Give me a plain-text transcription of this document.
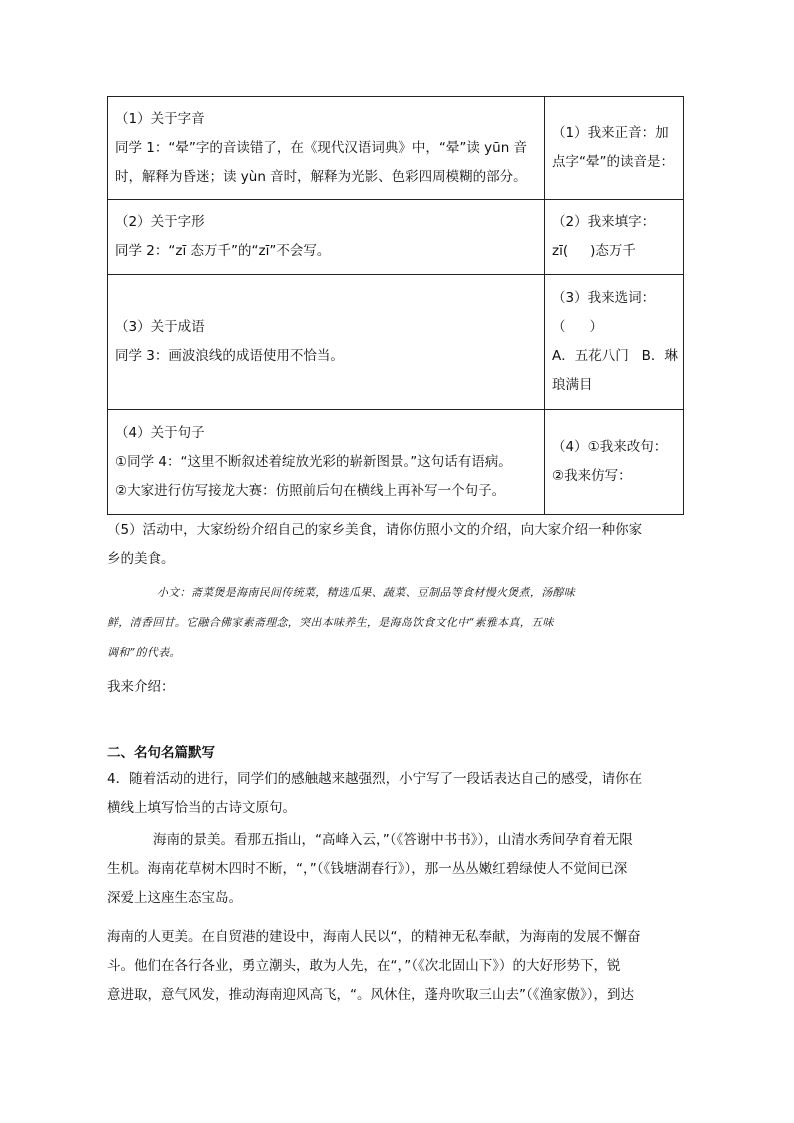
（1）关于字音
同学 1：“晕”字的音读错了，在《现代汉语词典》中，“晕”读 yūn 音
时，解释为昏迷；读 yùn 音时，解释为光影、色彩四周模糊的部分。	（1）我来正音：加
点字“晕”的读音是：

（2）关于字形
同学 2：“zī 态万千”的“zī”不会写。	（2）我来填字：
zī( )态万千

（3）关于成语
同学 3：画波浪线的成语使用不恰当。	（3）我来选词：
（ ）
A．五花八门 B．琳
琅满目

（4）关于句子
①同学 4：“这里不断叙述着绽放光彩的崭新图景。”这句话有语病。
②大家进行仿写接龙大赛：仿照前后句在横线上再补写一个句子。	（4）①我来改句：
②我来仿写：
（5）活动中，大家纷纷介绍自己的家乡美食，请你仿照小文的介绍，向大家介绍一种你家
乡的美食。
小文：斋菜煲是海南民间传统菜，精选瓜果、蔬菜、豆制品等食材慢火煲煮，汤醇味
鲜，清香回甘。它融合佛家素斋理念，突出本味养生，是海岛饮食文化中“素雅本真，五味
调和”的代表。
我来介绍：
二、名句名篇默写
4．随着活动的进行，同学们的感触越来越强烈，小宁写了一段话表达自己的感受，请你在
横线上填写恰当的古诗文原句。
海南的景美。看那五指山，“高峰入云，”（《答谢中书书》），山清水秀间孕育着无限
生机。海南花草树木四时不断，“，”（《钱塘湖春行》），那一丛丛嫩红碧绿使人不觉间已深
深爱上这座生态宝岛。
海南的人更美。在自贸港的建设中，海南人民以“，的精神无私奉献，为海南的发展不懈奋
斗。他们在各行各业，勇立潮头，敢为人先，在“，”（《次北固山下》）的大好形势下，锐
意进取，意气风发，推动海南迎风高飞，“。风休住，蓬舟吹取三山去”（《渔家傲》），到达
